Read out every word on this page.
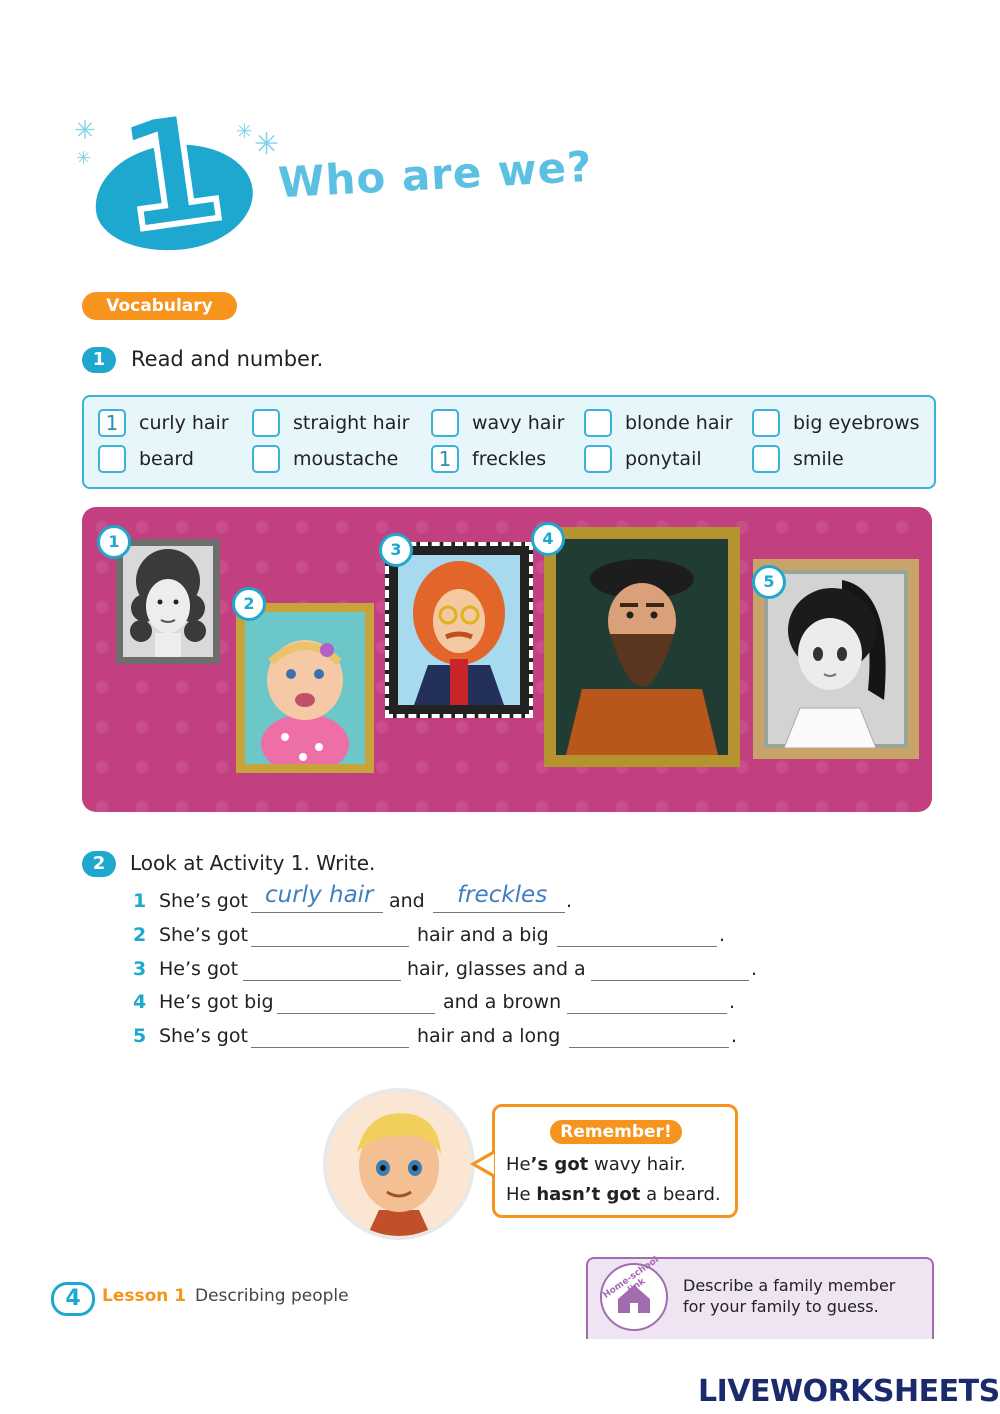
1
✳
✳
✳ ✳
Who are we?
Vocabulary
1	Read and number.
1	curly hair	straight hair	wavy hair	blonde hair	big eyebrows
beard	moustache	1	freckles	ponytail	smile
1
2
3
4
5
2	Look at Activity 1. Write.
1 She’s got curly hair and freckles .
2 She’s got	hair and a big	.
3 He’s got	hair, glasses and a	.
4 He’s got big	and a brown	.
5 She’s got	hair and a long	.
Remember!
He’s got wavy hair.
He hasn’t got a beard.
4	Lesson 1 Describing people	Home-school link	Describe a family member
for your family to guess.
LIVEWORKSHEETS
